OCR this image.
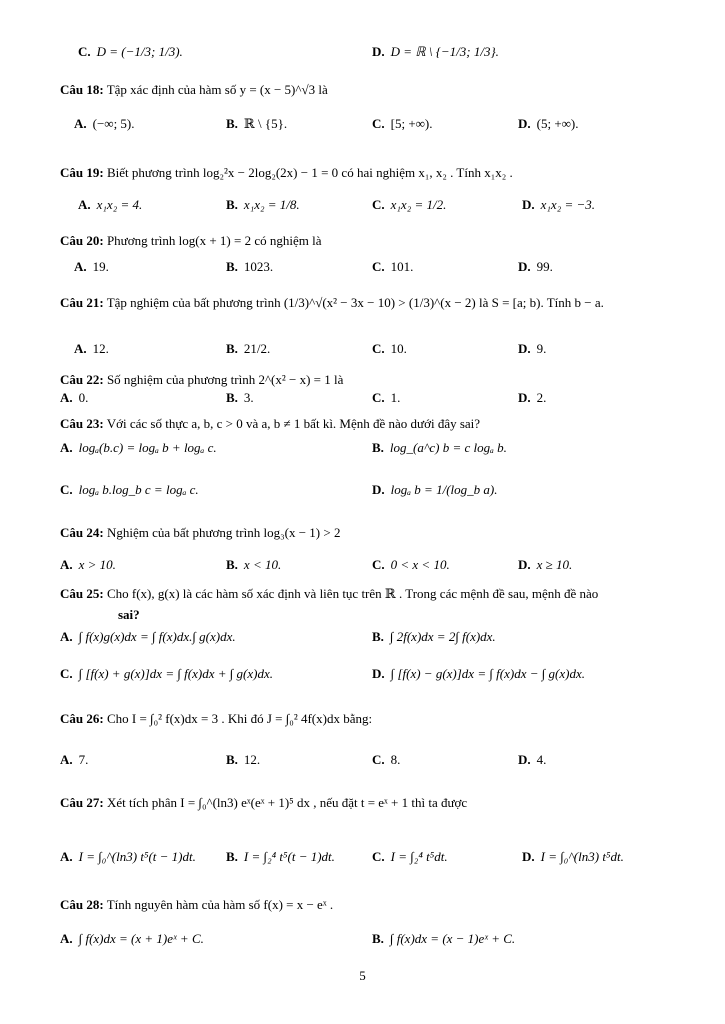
C. D = (−1/3; 1/3).	D. D = ℝ \ {−1/3; 1/3}.
Câu 18: Tập xác định của hàm số y = (x − 5)^√3 là
A. (−∞; 5).	B. ℝ \ {5}.	C. [5; +∞).	D. (5; +∞).
Câu 19: Biết phương trình log₂²x − 2log₂(2x) − 1 = 0 có hai nghiệm x₁, x₂ . Tính x₁x₂ .
A. x₁x₂ = 4.	B. x₁x₂ = 1/8.	C. x₁x₂ = 1/2.	D. x₁x₂ = −3.
Câu 20: Phương trình log(x + 1) = 2 có nghiệm là
A. 19.	B. 1023.	C. 101.	D. 99.
Câu 21: Tập nghiệm của bất phương trình (1/3)^√(x² − 3x − 10) > (1/3)^(x − 2) là S = [a; b). Tính b − a.
A. 12.	B. 21/2.	C. 10.	D. 9.
Câu 22: Số nghiệm của phương trình 2^(x² − x) = 1 là
A. 0.	B. 3.	C. 1.	D. 2.
Câu 23: Với các số thực a, b, c > 0 và a, b ≠ 1 bất kì. Mệnh đề nào dưới đây sai?
A. logₐ(b.c) = logₐ b + logₐ c.	B. log_(a^c) b = c logₐ b.
C. logₐ b.log_b c = logₐ c.	D. logₐ b = 1/(log_b a).
Câu 24: Nghiệm của bất phương trình log₃(x − 1) > 2
A. x > 10.	B. x < 10.	C. 0 < x < 10.	D. x ≥ 10.
Câu 25: Cho f(x), g(x) là các hàm số xác định và liên tục trên ℝ . Trong các mệnh đề sau, mệnh đề nào
sai?
A. ∫ f(x)g(x)dx = ∫ f(x)dx.∫ g(x)dx.	B. ∫ 2f(x)dx = 2∫ f(x)dx.
C. ∫ [f(x) + g(x)]dx = ∫ f(x)dx + ∫ g(x)dx.	D. ∫ [f(x) − g(x)]dx = ∫ f(x)dx − ∫ g(x)dx.
Câu 26: Cho I = ∫₀² f(x)dx = 3 . Khi đó J = ∫₀² 4f(x)dx bằng:
A. 7.	B. 12.	C. 8.	D. 4.
Câu 27: Xét tích phân I = ∫₀^(ln3) eˣ(eˣ + 1)⁵ dx , nếu đặt t = eˣ + 1 thì ta được
A. I = ∫₀^(ln3) t⁵(t − 1)dt. B. I = ∫₂⁴ t⁵(t − 1)dt.	C. I = ∫₂⁴ t⁵dt.	D. I = ∫₀^(ln3) t⁵dt.
Câu 28: Tính nguyên hàm của hàm số f(x) = x − eˣ .
A. ∫ f(x)dx = (x + 1)eˣ + C.	B. ∫ f(x)dx = (x − 1)eˣ + C.
5
